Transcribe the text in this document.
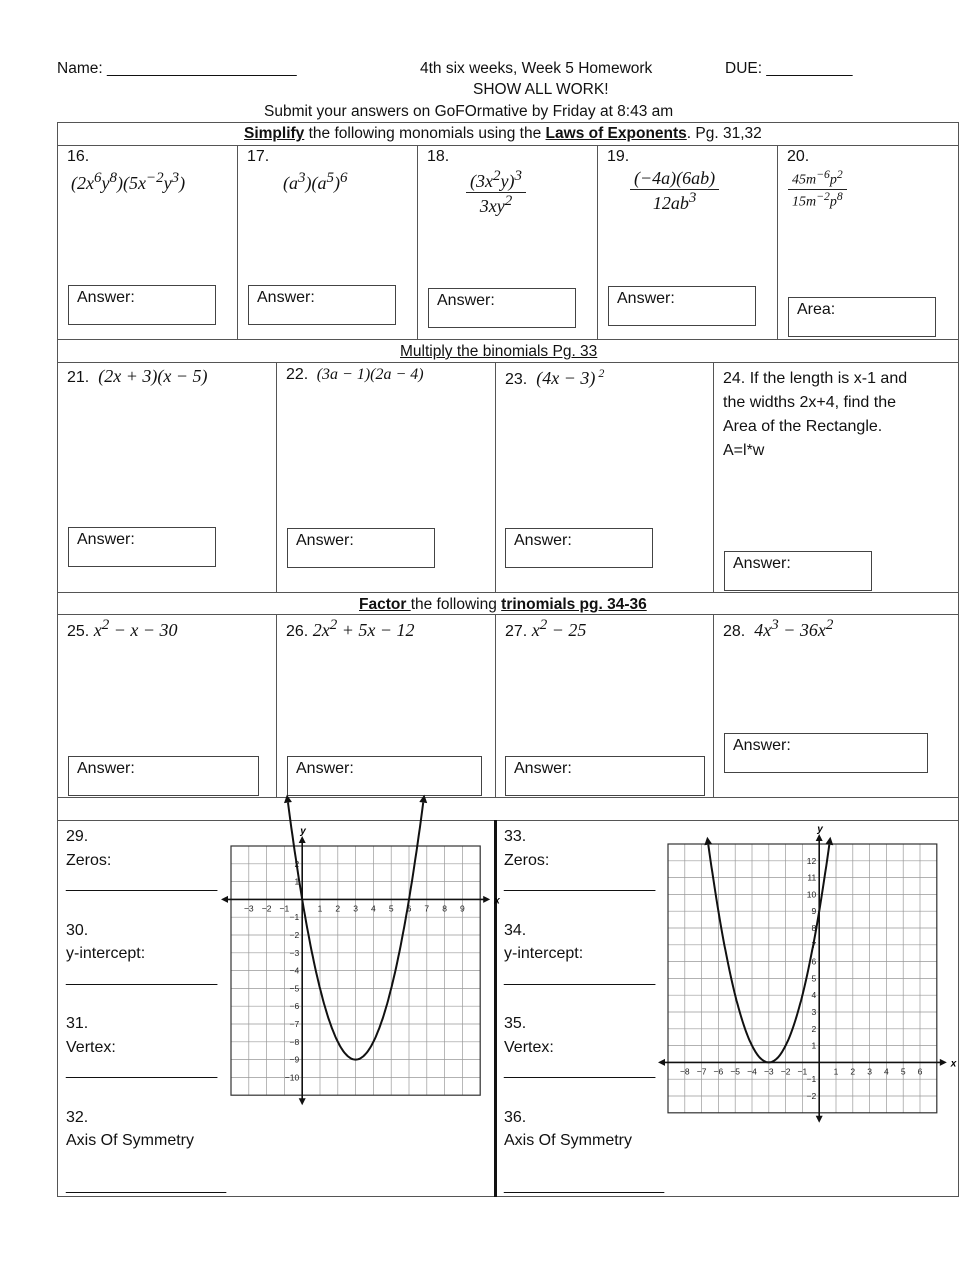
Name: ______________________	4th six weeks, Week 5 Homework	DUE: __________
SHOW ALL WORK!
Submit your answers on GoFOrmative by Friday at 8:43 am
Simplify the following monomials using the Laws of Exponents. Pg. 31,32
16.
$(2x^6y^8)(5x^{-2}y^3)$
Answer:
17.
$(a^3)(a^5)^6$
Answer:
18.
$\frac{(3x^2y)^3}{3xy^2}$
Answer:
19.
$\frac{(-4a)(6ab)}{12ab^3}$
Answer:
20.
$\frac{45m^{-6}p^2}{15m^{-2}p^8}$
Area:
Multiply the binomials Pg. 33
21.  (2x + 3)(x − 5)
Answer:
22.  (3a − 1)(2a − 4)
Answer:
23.  (4x − 3) $^2$
Answer:
24. If the length is x-1 and
the widths 2x+4, find the
Area of the Rectangle.
A=l*w
Answer:
Factor the following trinomials pg. 34-36
25. $x^2 - x - 30$
Answer:
26. $2x^2 + 5x - 12$
Answer:
27. $x^2 - 25$
Answer:
28.  $4x^3 - 36x^2$
Answer:
29.
Zeros:
_________________
30.
y-intercept:
_________________
31.
Vertex:
_________________
32.
Axis Of Symmetry
__________________
33.
Zeros:
_________________
34.
y-intercept:
_________________
35.
Vertex:
_________________
36.
Axis Of Symmetry
__________________
x
y
−3 −2 −1	1 2 3 4 5 6 7 8 9
−1
−2
−3
−4
−5
−6
−7
−8
−9
−10
1
2
x
y
−8 −7 −6 −5 −4 −3 −2 −1	1 2 3 4 5 6
1
2
3
4
5
6
7
8
9
10
11
12
−1
−2
